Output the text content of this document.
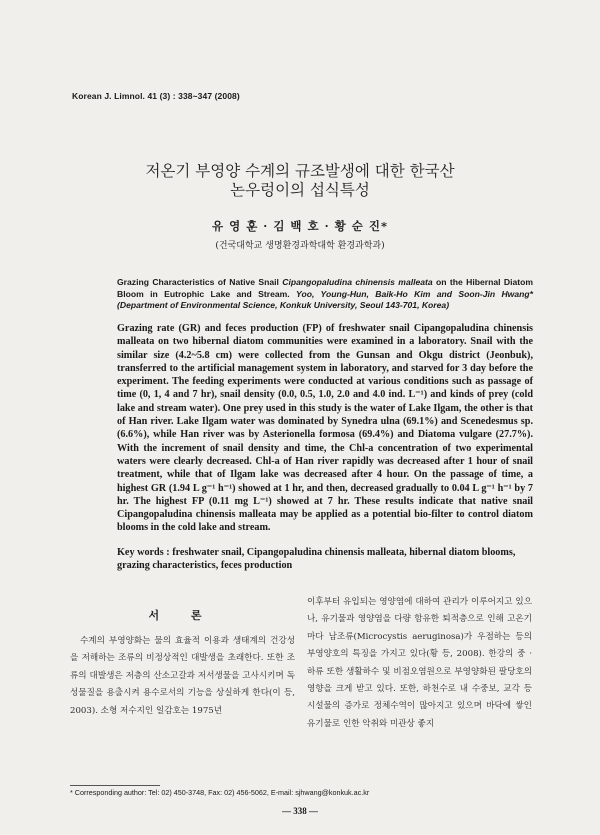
Korean J. Limnol. 41 (3) : 338~347 (2008)
저온기 부영양 수계의 규조발생에 대한 한국산
논우렁이의 섭식특성
유 영 훈 · 김 백 호 · 황 순 진*
(건국대학교 생명환경과학대학 환경과학과)
Grazing Characteristics of Native Snail Cipangopaludina chinensis malleata on the Hibernal Diatom Bloom in Eutrophic Lake and Stream. Yoo, Young-Hun, Baik-Ho Kim and Soon-Jin Hwang* (Department of Environmental Science, Konkuk University, Seoul 143-701, Korea)
Grazing rate (GR) and feces production (FP) of freshwater snail Cipangopaludina chinensis malleata on two hibernal diatom communities were examined in a laboratory. Snail with the similar size (4.2~5.8 cm) were collected from the Gunsan and Okgu district (Jeonbuk), transferred to the artificial management system in laboratory, and starved for 3 day before the experiment. The feeding experiments were conducted at various conditions such as passage of time (0, 1, 4 and 7 hr), snail density (0.0, 0.5, 1.0, 2.0 and 4.0 ind. L⁻¹) and kinds of prey (cold lake and stream water). One prey used in this study is the water of Lake Ilgam, the other is that of Han river. Lake Ilgam water was dominated by Synedra ulna (69.1%) and Scenedesmus sp. (6.6%), while Han river was by Asterionella formosa (69.4%) and Diatoma vulgare (27.7%). With the increment of snail density and time, the Chl-a concentration of two experimental waters were clearly decreased. Chl-a of Han river rapidly was decreased after 1 hour of snail treatment, while that of Ilgam lake was decreased after 4 hour. On the passage of time, a highest GR (1.94 L g⁻¹ h⁻¹) showed at 1 hr, and then, decreased gradually to 0.04 L g⁻¹ h⁻¹ by 7 hr. The highest FP (0.11 mg L⁻¹) showed at 7 hr. These results indicate that native snail Cipangopaludina chinensis malleata may be applied as a potential bio-filter to control diatom blooms in the cold lake and stream.
Key words : freshwater snail, Cipangopaludina chinensis malleata, hibernal diatom blooms, grazing characteristics, feces production
서 론
수계의 부영양화는 물의 효율적 이용과 생태계의 건강성을 저해하는 조류의 비정상적인 대발생을 초래한다. 또한 조류의 대발생은 저층의 산소고갈과 저서생물을 고사시키며 독성물질을 용출시켜 용수로서의 기능을 상실하게 한다(이 등, 2003). 소형 저수지인 일감호는 1975년
이후부터 유입되는 영양염에 대하여 관리가 이루어지고 있으나, 유기물과 영양염을 다량 함유한 퇴적층으로 인해 고온기마다 남조류(Microcystis aeruginosa)가 우점하는 등의 부영양호의 특징을 가지고 있다(황 등, 2008). 한강의 중 · 하류 또한 생활하수 및 비점오염원으로 부영양화된 팔당호의 영향을 크게 받고 있다. 또한, 하천수로 내 수중보, 교각 등 시설물의 증가로 정체수역이 많아지고 있으며 바닥에 쌓인 유기물로 인한 악취와 미관상 좋지
* Corresponding author: Tel: 02) 450-3748, Fax: 02) 456-5062, E-mail: sjhwang@konkuk.ac.kr
— 338 —
